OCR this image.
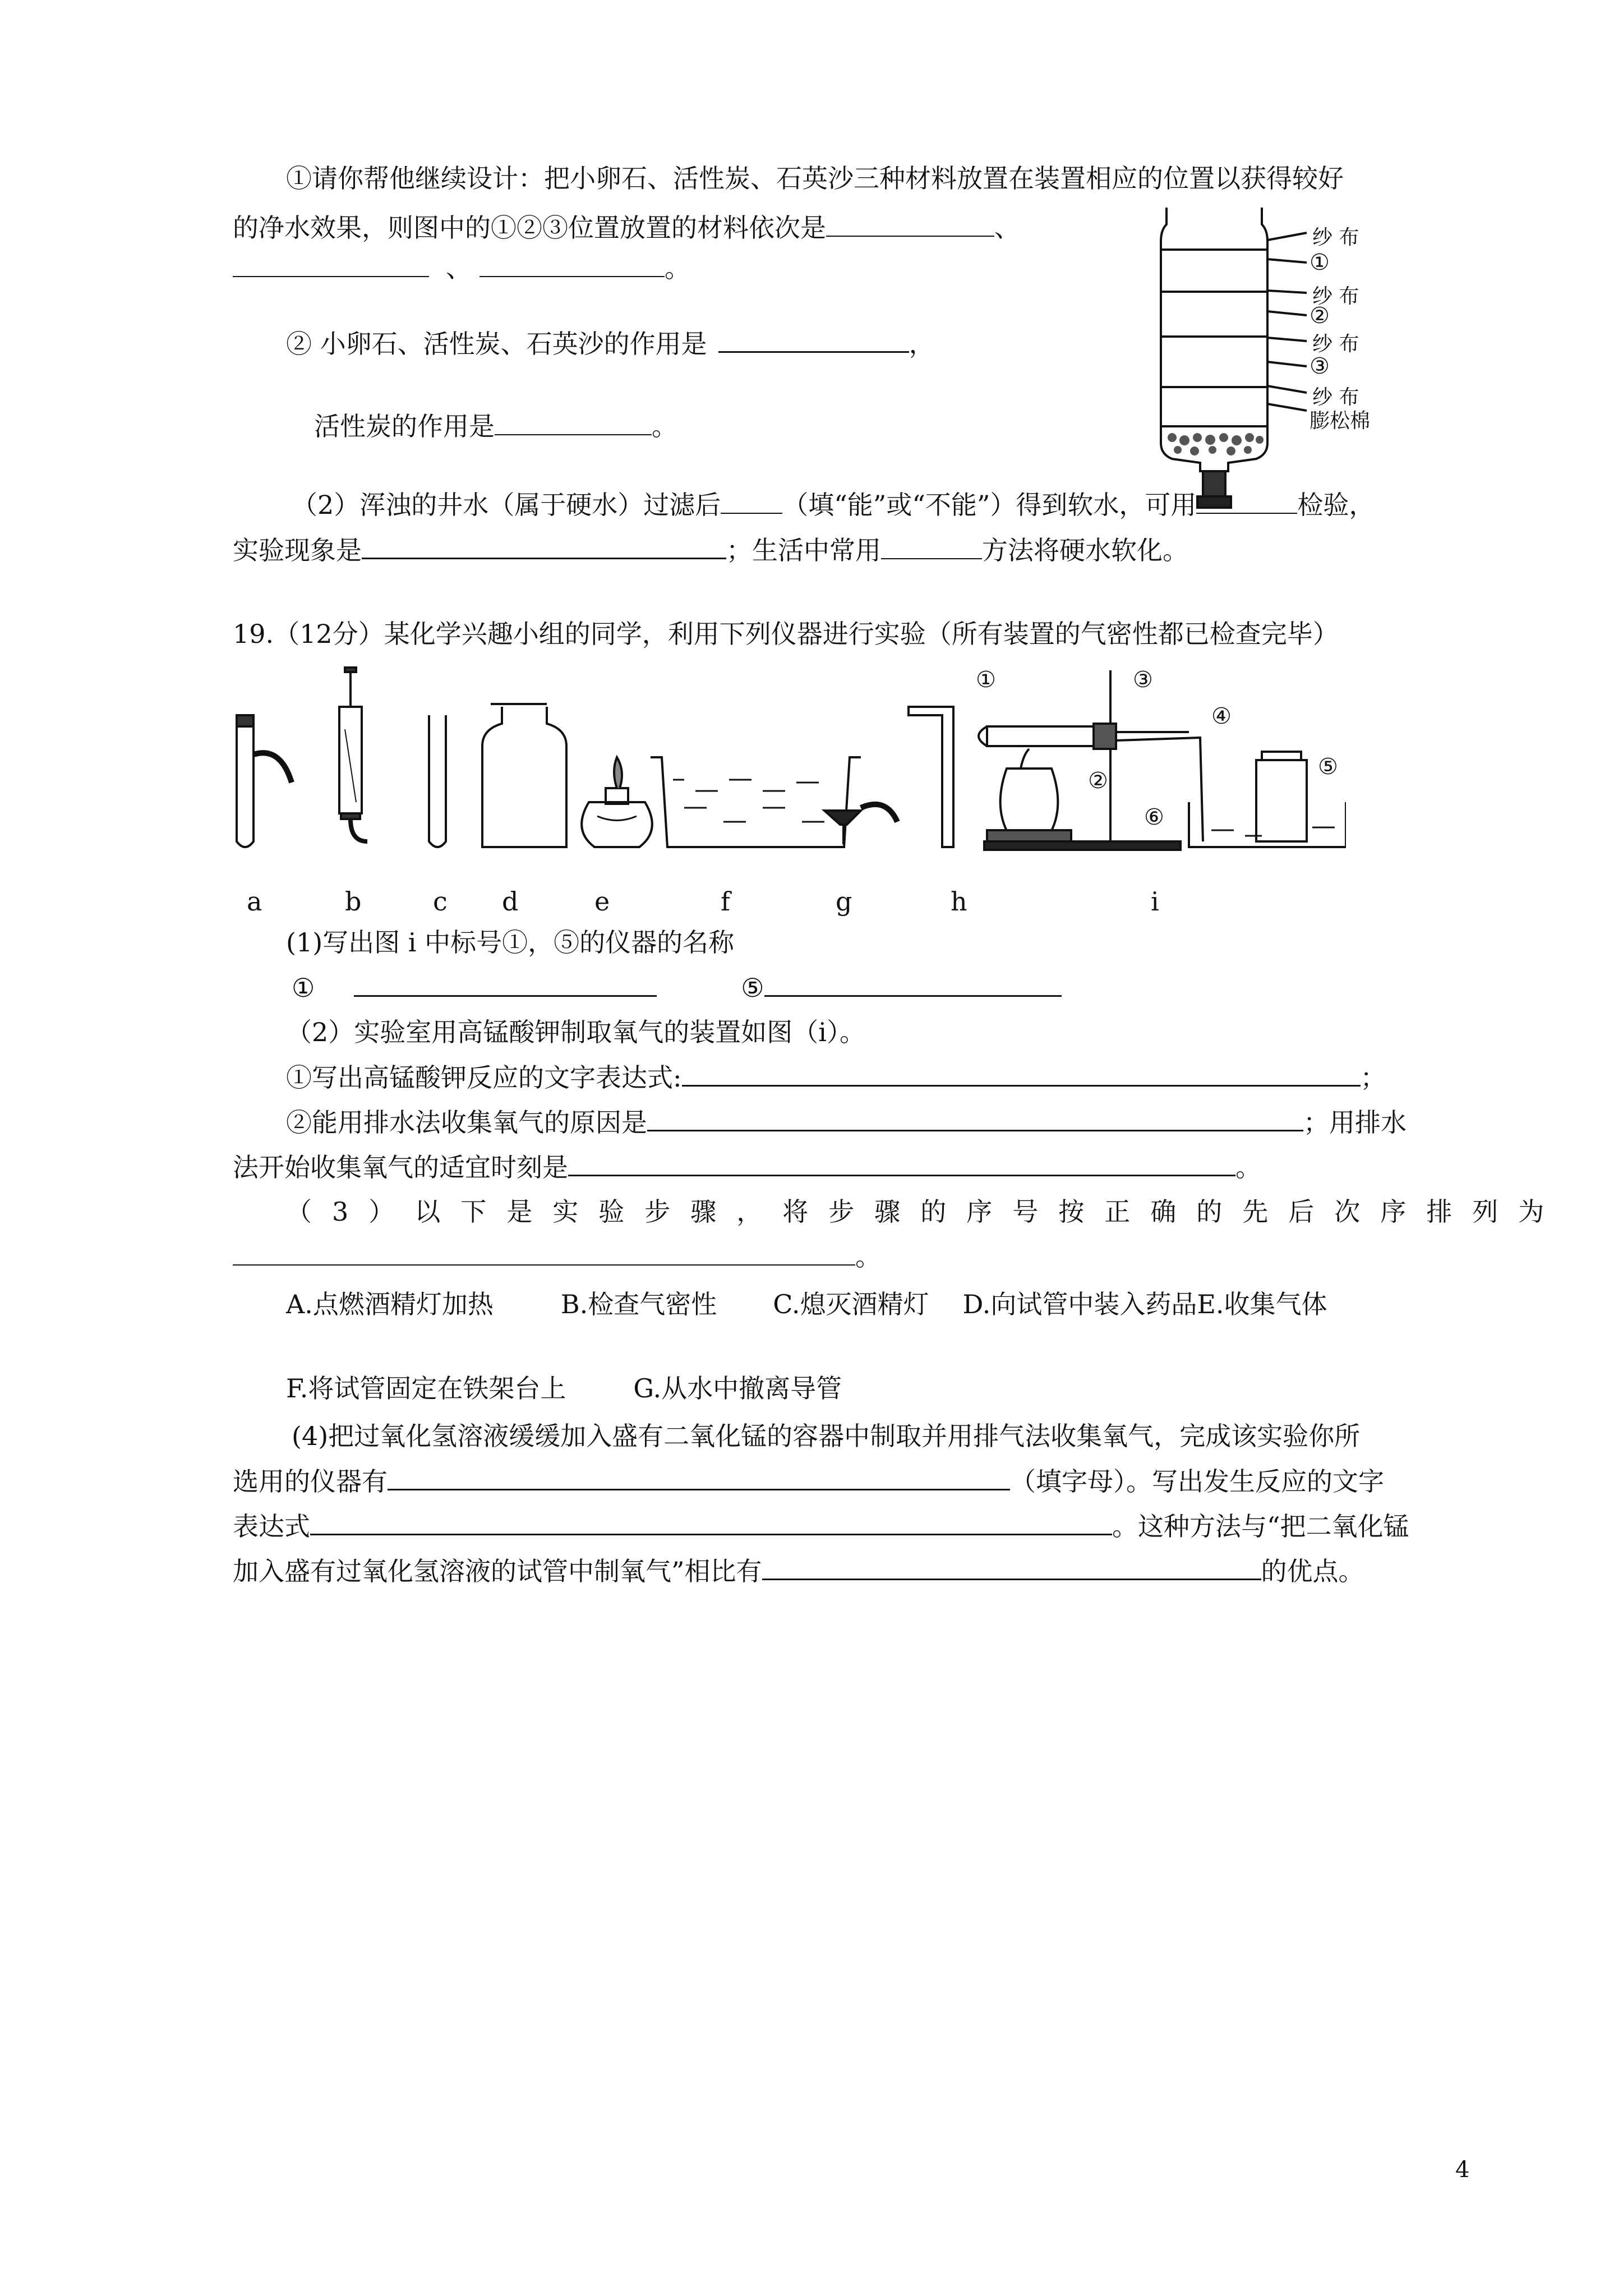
①请你帮他继续设计：把小卵石、活性炭、石英沙三种材料放置在装置相应的位置以获得较好
的净水效果，则图中的①②③位置放置的材料依次是	、
、	。
② 小卵石、活性炭、石英沙的作用是	，
活性炭的作用是	。
（2）浑浊的井水（属于硬水）过滤后 （填“能”或“不能”）得到软水，可用	检验，
实验现象是	；生活中常用	方法将硬水软化。
纱 布
①
纱 布
②
纱 布
③
纱 布
膨松棉
19.（12分）某化学兴趣小组的同学，利用下列仪器进行实验（所有装置的气密性都已检查完毕）
①
②
③
④
⑤
⑥
a	b	c d	e	f	g	h	i
(1)写出图 i 中标号①，⑤的仪器的名称
①	⑤
（2）实验室用高锰酸钾制取氧气的装置如图（i）。
①写出高锰酸钾反应的文字表达式:	；
②能用排水法收集氧气的原因是	；用排水
法开始收集氧气的适宜时刻是	。
（3）以下是实验步骤，将步骤的序号按正确的先后次序排列为
。
A.点燃酒精灯加热	B.检查气密性 C.熄灭酒精灯 D.向试管中装入药品E.收集气体
F.将试管固定在铁架台上	G.从水中撤离导管
(4)把过氧化氢溶液缓缓加入盛有二氧化锰的容器中制取并用排气法收集氧气，完成该实验你所
选用的仪器有	（填字母）。写出发生反应的文字
表达式	。这种方法与“把二氧化锰
加入盛有过氧化氢溶液的试管中制氧气”相比有	的优点。
4
